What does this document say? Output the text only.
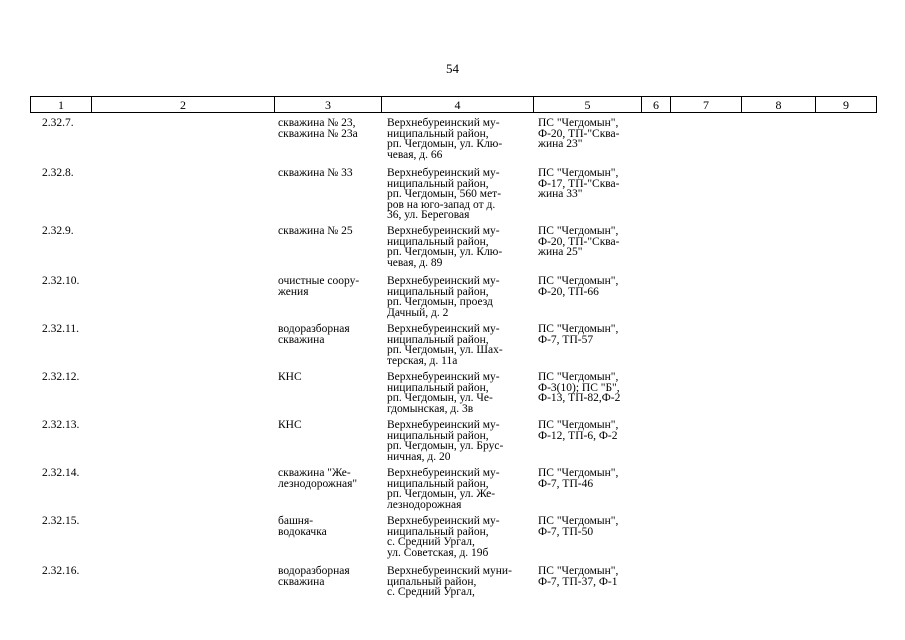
54
1	2	3	4	5	6	7	8	9
2.32.7.		скважина № 23,
скважина № 23а	Верхнебуреинский му-
ниципальный район,
рп. Чегдомын, ул. Клю-
чевая, д. 66	ПС "Чегдомын",
Ф-20, ТП-"Сква-
жина 23"				
2.32.8.		скважина № 33	Верхнебуреинский му-
ниципальный район,
рп. Чегдомын, 560 мет-
ров на юго-запад от д.
36, ул. Береговая	ПС "Чегдомын",
Ф-17, ТП-"Сква-
жина 33"				
2.32.9.		скважина № 25	Верхнебуреинский му-
ниципальный район,
рп. Чегдомын, ул. Клю-
чевая, д. 89	ПС "Чегдомын",
Ф-20, ТП-"Сква-
жина 25"				
2.32.10.		очистные соору-
жения	Верхнебуреинский му-
ниципальный район,
рп. Чегдомын, проезд
Дачный, д. 2	ПС "Чегдомын",
Ф-20, ТП-66				
2.32.11.		водоразборная
скважина	Верхнебуреинский му-
ниципальный район,
рп. Чегдомын, ул. Шах-
терская, д. 11а	ПС "Чегдомын",
Ф-7, ТП-57				
2.32.12.		КНС	Верхнебуреинский му-
ниципальный район,
рп. Чегдомын, ул. Че-
гдомынская, д. 3в	ПС "Чегдомын",
Ф-3(10); ПС "Б",
Ф-13, ТП-82,Ф-2				
2.32.13.		КНС	Верхнебуреинский му-
ниципальный район,
рп. Чегдомын, ул. Брус-
ничная, д. 20	ПС "Чегдомын",
Ф-12, ТП-6, Ф-2				
2.32.14.		скважина "Же-
лезнодорожная"	Верхнебуреинский му-
ниципальный район,
рп. Чегдомын, ул. Же-
лезнодорожная	ПС "Чегдомын",
Ф-7, ТП-46				
2.32.15.		башня-
водокачка	Верхнебуреинский му-
ниципальный район,
с. Средний Ургал,
ул. Советская, д. 19б	ПС "Чегдомын",
Ф-7, ТП-50				
2.32.16.		водоразборная
скважина	Верхнебуреинский муни-
ципальный район,
с. Средний Ургал,	ПС "Чегдомын",
Ф-7, ТП-37, Ф-1				
